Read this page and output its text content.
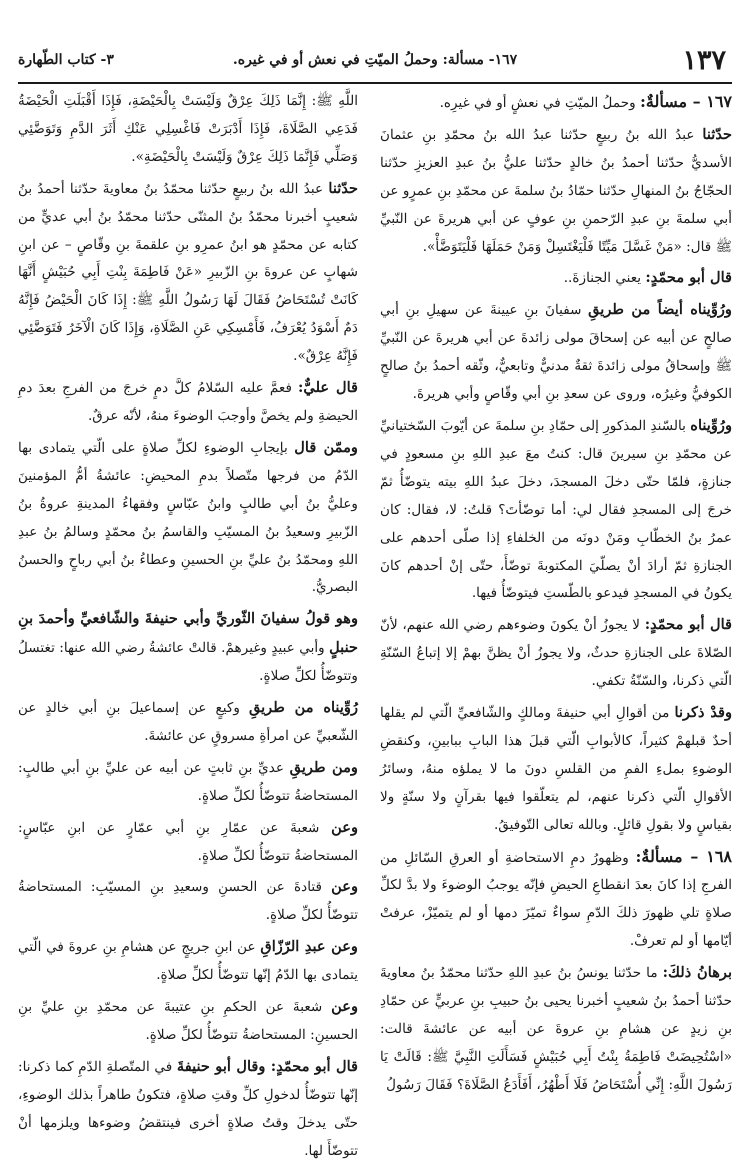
١٣٧
١٦٧- مسألة: وحملُ الميّتِ في نعش أو في غيره.
٣- كتاب الطّهارة

١٦٧ – مسألةٌ: وحملُ الميّتِ في نعشٍ أو في غيرِه.

حدّثنا عبدُ الله بنُ ربيعٍ حدّثنا عبدُ الله بنُ محمّدِ بنِ عثمانَ الأسديُّ حدّثنا أحمدُ بنُ خالدٍ حدّثنا عليُّ بنُ عبدِ العزيزِ حدّثنا الحجّاجُ بنُ المنهالِ حدّثنا حمّادُ بنُ سلمةَ عن محمّدِ بنِ عمرٍو عن أبي سلمةَ بنِ عبدِ الرّحمنِ بنِ عوفٍ عن أبي هريرةَ عن النّبيِّ ﷺ قال: «مَنْ غَسَّلَ مَيِّتًا فَلْيَغْتَسِلْ وَمَنْ حَمَلَهَا فَلْيَتَوَضَّأْ».

قال أبو محمّدٍ: يعني الجنازةَ..

ورُوِّيناه أيضاً من طريقِ سفيانَ بنِ عيينةَ عن سهيلِ بنِ أبي صالحٍ عن أبيه عن إسحاقَ مولى زائدةَ عن أبي هريرةَ عن النّبيِّ ﷺ وإسحاقُ مولى زائدةَ ثقةٌ مدنيٌّ وتابعيٌّ، وثّقه أحمدُ بنُ صالحٍ الكوفيُّ وغيرُه، وروى عن سعدِ بنِ أبي وقّاصٍ وأبي هريرةَ.

ورُوِّيناه بالسّندِ المذكورِ إلى حمّادِ بنِ سلمةَ عن أيّوبَ السّختيانيِّ عن محمّدِ بنِ سيرينَ قال: كنتُ معَ عبدِ اللهِ بنِ مسعودٍ في جنازةٍ، فلمّا حتّى دخلَ المسجدَ، دخلَ عبدُ اللهِ بيته يتوضّأُ ثمّ خرجَ إلى المسجدِ فقال لي: أما توضّأتَ؟ قلتُ: لا، فقال: كان عمرُ بنُ الخطّابِ ومَنْ دونَه من الخلفاءِ إذا صلّى أحدهم على الجنازةِ ثمّ أرادَ أنْ يصلّيَ المكتوبةَ توضّأَ، حتّى إنْ أحدهم كانَ يكونُ في المسجدِ فيدعو بالطّستِ فيتوضّأُ فيها.

قال أبو محمّدٍ: لا يجوزُ أنْ يكونَ وضوءهم رضي الله عنهم، لأنّ الصّلاةَ على الجنازةِ حدثٌ، ولا يجوزُ أنْ يظنَّ بهمْ إلا إتباعُ السّنّةِ الّتي ذكرنا، والسّنّةُ تكفي.

وقدْ ذكرنا من أقوالِ أبي حنيفةَ ومالكٍ والشّافعيِّ الّتي لم يقلها أحدٌ قبلهمْ كثيراً، كالأبوابِ الّتي قبلَ هذا البابِ ببابينِ، وكنقضِ الوضوءِ بملءِ الفمِ من القلسِ دونَ ما لا يملؤه منهُ، وسائرُ الأقوالِ الّتي ذكرنا عنهم، لم يتعلّقوا فيها بقرآنٍ ولا سنّةٍ ولا بقياسٍ ولا بقولِ قائلٍ. وبالله تعالى التّوفيقُ.

١٦٨ – مسألةٌ: وظهورُ دمِ الاستحاضةِ أو العرقِ السّائلِ من الفرجِ إذا كانَ بعدَ انقطاعِ الحيضِ فإنّه يوجبُ الوضوءَ ولا بدَّ لكلِّ صلاةٍ تلي ظهورَ ذلكَ الدّمِ سواءٌ تميّزَ دمها أو لم يتميّزْ، عرفتْ أيّامها أو لم تعرفْ.

برهانُ ذلكَ: ما حدّثنا يونسُ بنُ عبدِ اللهِ حدّثنا محمّدُ بنُ معاويةَ حدّثنا أحمدُ بنُ شعيبٍ أخبرنا يحيى بنُ حبيبِ بنِ عربيٍّ عن حمّادِ بنِ زيدٍ عن هشامِ بنِ عروةَ عن أبيه عن عائشةَ قالت: «اسْتُحِيضَتْ فَاطِمَةُ بِنْتُ أَبِي حُبَيْشٍ فَسَأَلَتِ النَّبِيَّ ﷺ: قَالَتْ يَا رَسُولَ اللَّهِ: إِنِّي أُسْتَحَاضُ فَلَا أَطْهُرُ، أَفَأَدَعُ الصَّلَاةَ؟ فَقَالَ رَسُولُ

اللَّهِ ﷺ: إِنَّمَا ذَلِكَ عِرْقٌ وَلَيْسَتْ بِالْحَيْضَةِ، فَإِذَا أَقْبَلَتِ الْحَيْضَةُ فَدَعِي الصَّلَاةَ، فَإِذَا أَدْبَرَتْ فَاغْسِلِي عَنْكِ أَثَرَ الدَّمِ وَتَوَضَّئِي وَصَلِّي فَإِنَّمَا ذَلِكَ عِرْقٌ وَلَيْسَتْ بِالْحَيْضَةِ».

حدّثنا عبدُ الله بنُ ربيعٍ حدّثنا محمّدُ بنُ معاويةَ حدّثنا أحمدُ بنُ شعيبٍ أخبرنا محمّدُ بنُ المثنّى حدّثنا محمّدُ بنُ أبي عديٍّ من كتابه عن محمّدٍ هو ابنُ عمرِو بنِ علقمةَ بنِ وقّاصٍ – عن ابنِ شهابٍ عن عروةَ بنِ الزّبيرِ «عَنْ فَاطِمَةَ بِنْتِ أَبِي حُبَيْشٍ أَنَّهَا كَانَتْ تُسْتَحَاضُ فَقَالَ لَهَا رَسُولُ اللَّهِ ﷺ: إِذَا كَانَ الْحَيْضُ فَإِنَّهُ دَمٌ أَسْوَدُ يُعْرَفُ، فَأَمْسِكِي عَنِ الصَّلَاةِ، وَإِذَا كَانَ الْآخَرُ فَتَوَضَّئِي فَإِنَّهُ عِرْقٌ».

قال عليٌّ: فعمَّ عليه السّلامُ كلَّ دمٍ خرجَ من الفرجِ بعدَ دمِ الحيضةِ ولم يخصَّ وأوجبَ الوضوءَ منهُ، لأنّه عرقٌ.

وممّن قال بإيجابِ الوضوءِ لكلِّ صلاةٍ على الّتي يتمادى بها الدّمُ من فرجها متّصلاً بدمِ المحيضِ: عائشةُ أمُّ المؤمنينَ وعليُّ بنُ أبي طالبٍ وابنُ عبّاسٍ وفقهاءُ المدينةِ عروةُ بنُ الزّبيرِ وسعيدُ بنُ المسيّبِ والقاسمُ بنُ محمّدٍ وسالمُ بنُ عبدِ اللهِ ومحمّدُ بنُ عليِّ بنِ الحسينِ وعطاءُ بنُ أبي رباحٍ والحسنُ البصريُّ.

وهو قولُ سفيانَ الثّوريِّ وأبي حنيفةَ والشّافعيِّ وأحمدَ بنِ حنبلٍ وأبي عبيدٍ وغيرهمْ. قالتْ عائشةُ رضي الله عنها: تغتسلُ وتتوضّأُ لكلِّ صلاةٍ.

رُوِّيناه من طريقِ وكيعٍ عن إسماعيلَ بنِ أبي خالدٍ عن الشّعبيِّ عن امرأةِ مسروقٍ عن عائشةَ.

ومن طريقِ عديِّ بنِ ثابتٍ عن أبيه عن عليِّ بنِ أبي طالبٍ: المستحاضةُ تتوضّأُ لكلِّ صلاةٍ.

وعن شعبةَ عن عمّارِ بنِ أبي عمّارٍ عن ابنِ عبّاسٍ: المستحاضةُ تتوضّأُ لكلِّ صلاةٍ.

وعن قتادةَ عن الحسنِ وسعيدِ بنِ المسيّبِ: المستحاضةُ تتوضّأُ لكلِّ صلاةٍ.

وعن عبدِ الرّزّاقِ عن ابنِ جريجٍ عن هشامِ بنِ عروةَ في الّتي يتمادى بها الدّمُ إنّها تتوضّأُ لكلِّ صلاةٍ.

وعن شعبةَ عن الحكمِ بنِ عتيبةَ عن محمّدِ بنِ عليِّ بنِ الحسينِ: المستحاضةُ تتوضّأُ لكلِّ صلاةٍ.

قال أبو محمّدٍ: وقال أبو حنيفةَ في المتّصلةِ الدّمِ كما ذكرنا: إنّها تتوضّأُ لدخولِ كلِّ وقتِ صلاةٍ، فتكونُ طاهراً بذلك الوضوءِ، حتّى يدخلَ وقتُ صلاةٍ أخرى فينتقضُ وضوءها ويلزمها أنْ تتوضّأَ لها.
